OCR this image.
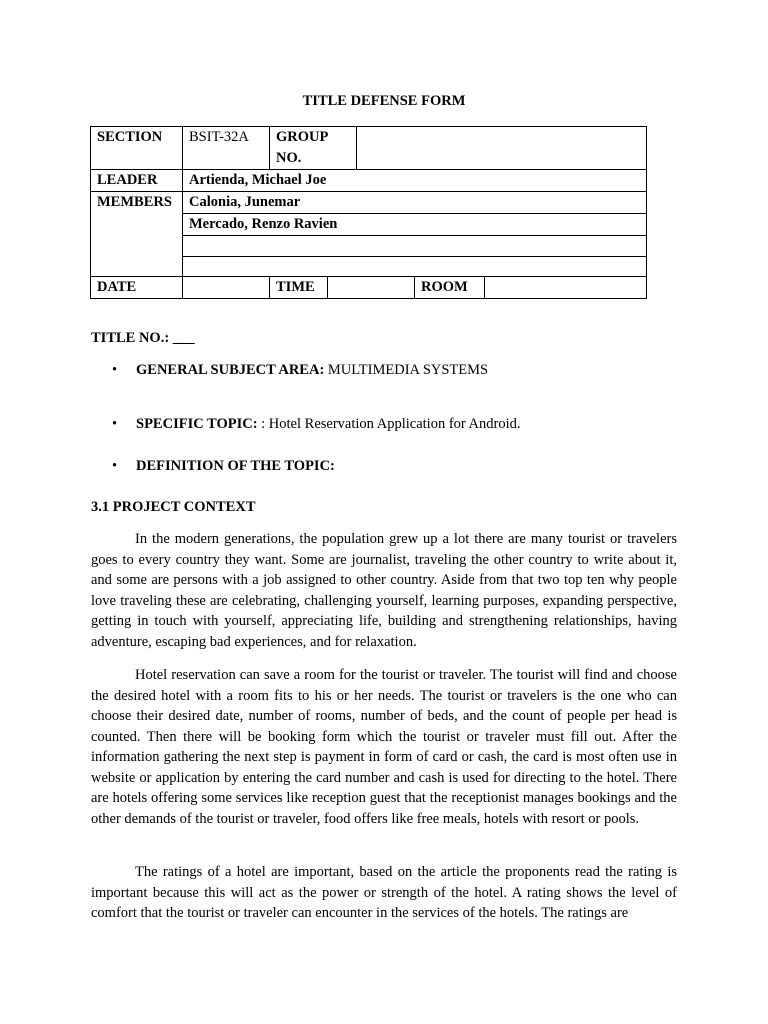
TITLE DEFENSE FORM
SECTION	BSIT-32A	GROUP NO.				
LEADER	Artienda, Michael Joe					
MEMBERS	Calonia, Junemar					
	Mercado, Renzo Ravien					

DATE		TIME			ROOM	
TITLE NO.: ___
• GENERAL SUBJECT AREA: MULTIMEDIA SYSTEMS
• SPECIFIC TOPIC: : Hotel Reservation Application for Android.
• DEFINITION OF THE TOPIC:
3.1 PROJECT CONTEXT

In the modern generations, the population grew up a lot there are many tourist or travelers goes to every country they want. Some are journalist, traveling the other country to write about it, and some are persons with a job assigned to other country. Aside from that two top ten why people love traveling these are celebrating, challenging yourself, learning purposes, expanding perspective, getting in touch with yourself, appreciating life, building and strengthening relationships, having adventure, escaping bad experiences, and for relaxation.

Hotel reservation can save a room for the tourist or traveler. The tourist will find and choose the desired hotel with a room fits to his or her needs. The tourist or travelers is the one who can choose their desired date, number of rooms, number of beds, and the count of people per head is counted. Then there will be booking form which the tourist or traveler must fill out. After the information gathering the next step is payment in form of card or cash, the card is most often use in website or application by entering the card number and cash is used for directing to the hotel. There are hotels offering some services like reception guest that the receptionist manages bookings and the other demands of the tourist or traveler, food offers like free meals, hotels with resort or pools.

The ratings of a hotel are important, based on the article the proponents read the rating is important because this will act as the power or strength of the hotel. A rating shows the level of comfort that the tourist or traveler can encounter in the services of the hotels. The ratings are
